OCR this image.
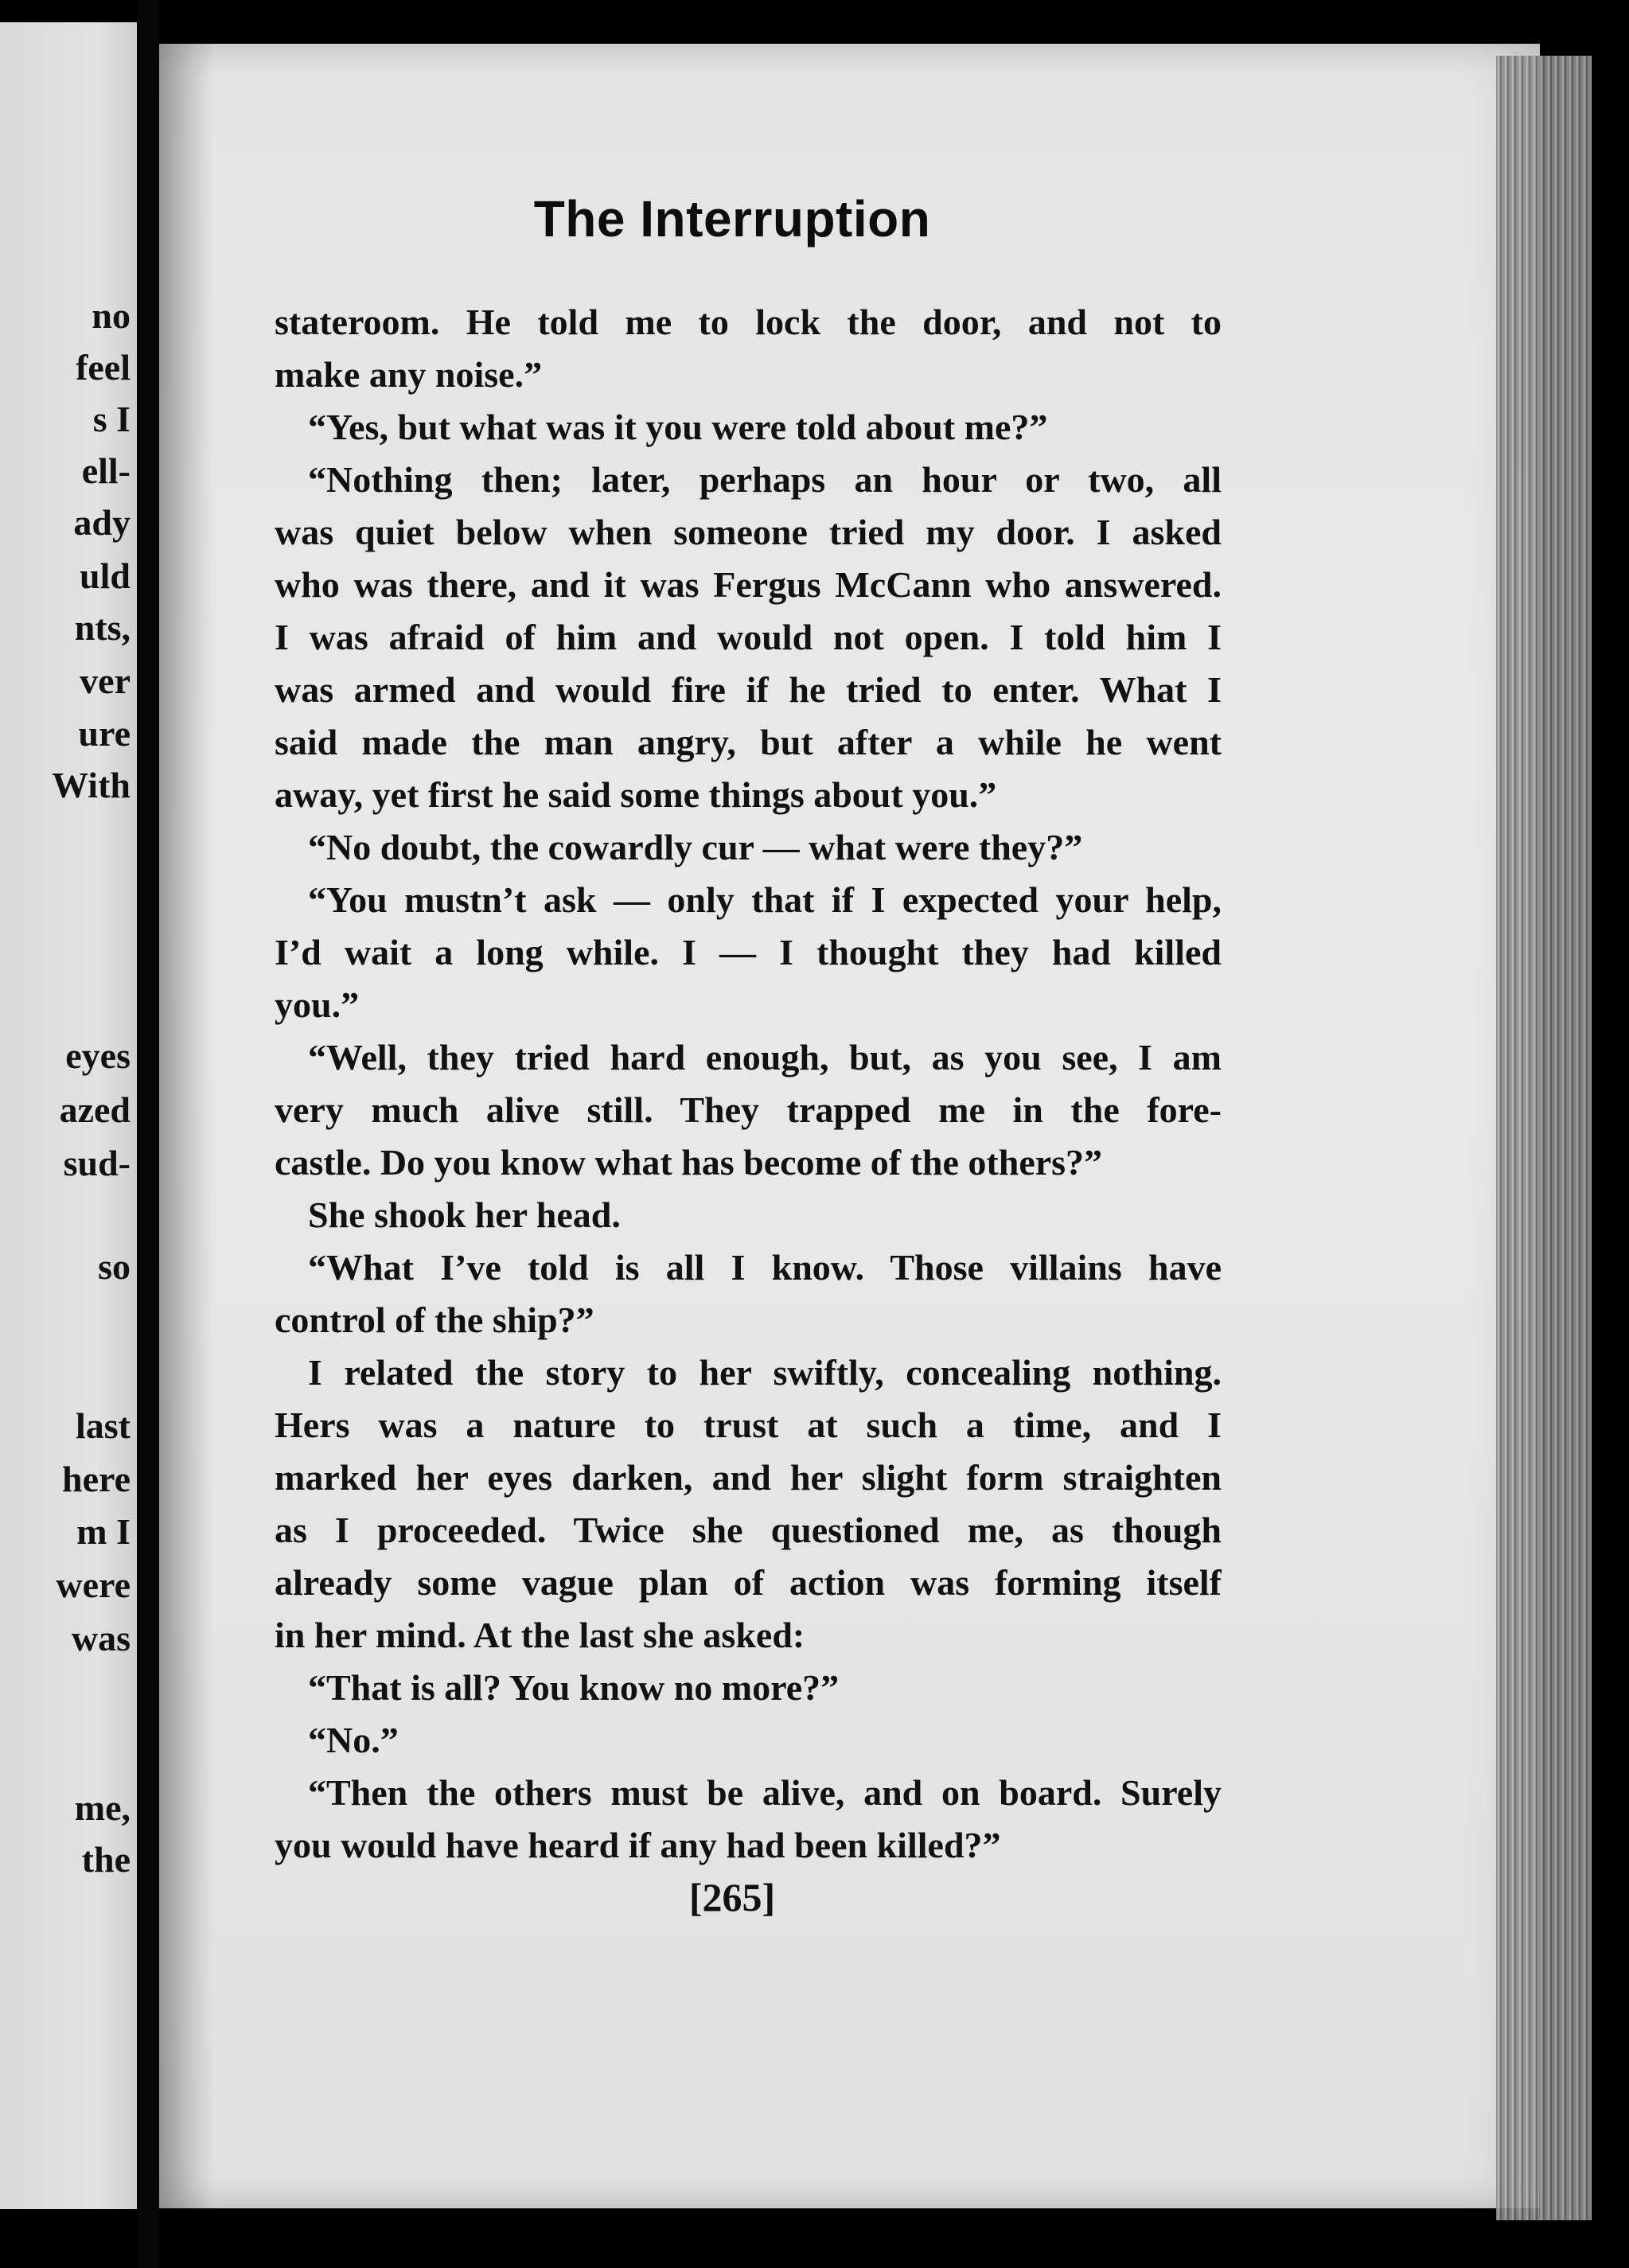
no
feel
s I
ell-
ady
uld
nts,
ver
ure
With
eyes
azed
sud-
so
last
here
m I
were
was
me,
the
The Interruption
stateroom. He told me to lock the door, and not to
make any noise.”
“Yes, but what was it you were told about me?”
“Nothing then; later, perhaps an hour or two, all
was quiet below when someone tried my door. I asked
who was there, and it was Fergus McCann who answered.
I was afraid of him and would not open. I told him I
was armed and would fire if he tried to enter. What I
said made the man angry, but after a while he went
away, yet first he said some things about you.”
“No doubt, the cowardly cur — what were they?”
“You mustn’t ask — only that if I expected your help,
I’d wait a long while. I — I thought they had killed
you.”
“Well, they tried hard enough, but, as you see, I am
very much alive still. They trapped me in the fore-
castle. Do you know what has become of the others?”
She shook her head.
“What I’ve told is all I know. Those villains have
control of the ship?”
I related the story to her swiftly, concealing nothing.
Hers was a nature to trust at such a time, and I
marked her eyes darken, and her slight form straighten
as I proceeded. Twice she questioned me, as though
already some vague plan of action was forming itself
in her mind. At the last she asked:
“That is all? You know no more?”
“No.”
“Then the others must be alive, and on board. Surely
you would have heard if any had been killed?”
[265]
